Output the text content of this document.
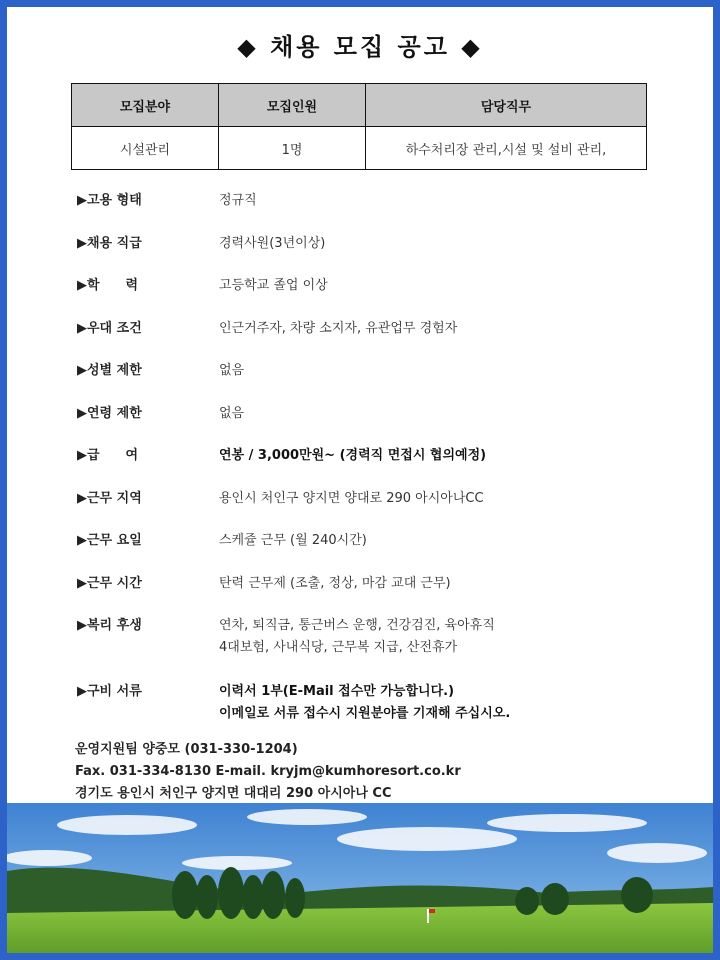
◆ 채용 모집 공고 ◆
모집분야	모집인원	담당직무
시설관리	1명	하수처리장 관리,시설 및 설비 관리,
▶고용 형태	정규직
▶채용 직급	경력사원(3년이상)
▶학　　력	고등학교 졸업 이상
▶우대 조건	인근거주자, 차량 소지자, 유관업무 경험자
▶성별 제한	없음
▶연령 제한	없음
▶급　　여	연봉 / 3,000만원~ (경력직 면접시 협의예정)
▶근무 지역	용인시 처인구 양지면 양대로 290 아시아나CC
▶근무 요일	스케쥴 근무 (월 240시간)
▶근무 시간	탄력 근무제 (조출, 정상, 마감 교대 근무)
▶복리 후생	연차, 퇴직금, 통근버스 운행, 건강검진, 육아휴직
4대보험, 사내식당, 근무복 지급, 산전휴가
▶구비 서류	이력서 1부(E-Mail 접수만 가능합니다.)
이메일로 서류 접수시 지원분야를 기재해 주십시오.
운영지원팀 양중모 (031-330-1204)
Fax. 031-334-8130 E-mail. kryjm@kumhoresort.co.kr
경기도 용인시 처인구 양지면 대대리 290 아시아나 CC
